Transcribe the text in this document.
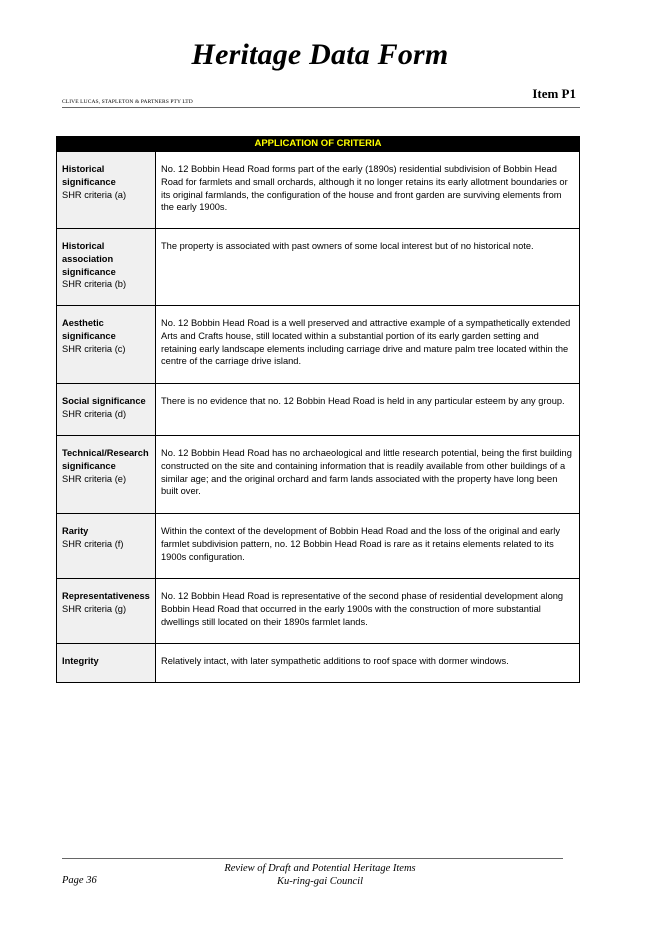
Heritage Data Form
Item P1
CLIVE LUCAS, STAPLETON & PARTNERS PTY LTD
APPLICATION OF CRITERIA	

Historical significance
SHR criteria (a)	No. 12 Bobbin Head Road forms part of the early (1890s) residential subdivision of Bobbin Head Road for farmlets and small orchards, although it no longer retains its early allotment boundaries or its original farmlands, the configuration of the house and front garden are surviving elements from the early 1900s.

Historical association significance
SHR criteria (b)	The property is associated with past owners of some local interest but of no historical note.

Aesthetic significance
SHR criteria (c)	No. 12 Bobbin Head Road is a well preserved and attractive example of a sympathetically extended Arts and Crafts house, still located within a substantial portion of its early garden setting and retaining early landscape elements including carriage drive and mature palm tree located within the centre of the carriage drive island.

Social significance
SHR criteria (d)	There is no evidence that no. 12 Bobbin Head Road is held in any particular esteem by any group.

Technical/Research significance
SHR criteria (e)	No. 12 Bobbin Head Road has no archaeological and little research potential, being the first building constructed on the site and containing information that is readily available from other buildings of a similar age; and the original orchard and farm lands associated with the property have long been built over.

Rarity
SHR criteria (f)	Within the context of the development of Bobbin Head Road and the loss of the original and early farmlet subdivision pattern, no. 12 Bobbin Head Road is rare as it retains elements related to its 1900s configuration.

Representativeness
SHR criteria (g)	No. 12 Bobbin Head Road is representative of the second phase of residential development along Bobbin Head Road that occurred in the early 1900s with the construction of more substantial dwellings still located on their 1890s farmlet lands.

Integrity	Relatively intact, with later sympathetic additions to roof space with dormer windows.
Review of Draft and Potential Heritage Items
Ku-ring-gai Council
Page 36
